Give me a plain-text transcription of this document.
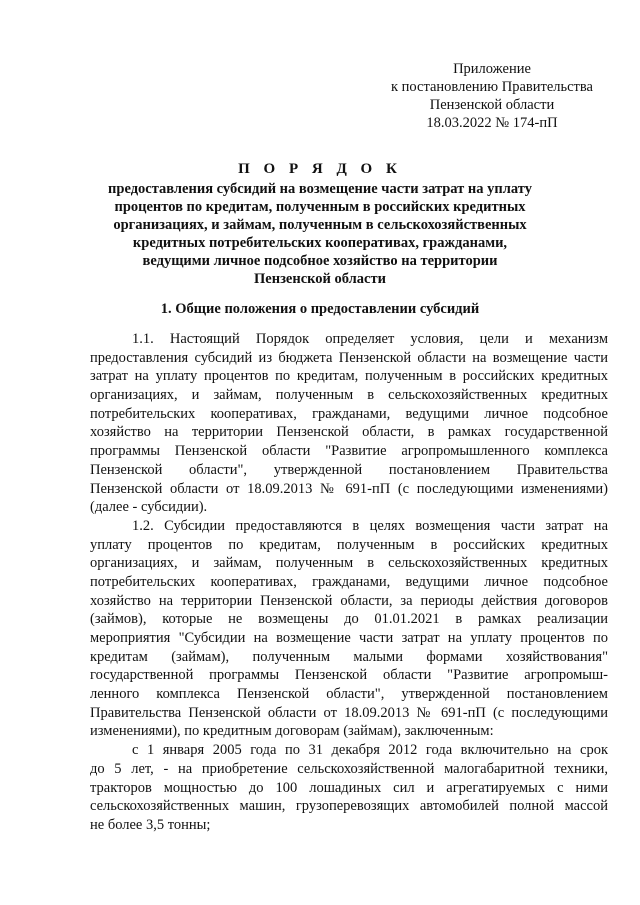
Приложение
к постановлению Правительства
Пензенской области
18.03.2022 № 174-пП
П О Р Я Д О К
предоставления субсидий на возмещение части затрат на уплату
процентов по кредитам, полученным в российских кредитных
организациях, и займам, полученным в сельскохозяйственных
кредитных потребительских кооперативах, гражданами,
ведущими личное подсобное хозяйство на территории
Пензенской области
1. Общие положения о предоставлении субсидий
1.1. Настоящий Порядок определяет условия, цели и механизм
предоставления субсидий из бюджета Пензенской области на возмещение части
затрат на уплату процентов по кредитам, полученным в российских кредитных
организациях, и займам, полученным в сельскохозяйственных кредитных
потребительских кооперативах, гражданами, ведущими личное подсобное
хозяйство на территории Пензенской области, в рамках государственной
программы Пензенской области "Развитие агропромышленного комплекса
Пензенской области", утвержденной постановлением Правительства
Пензенской области от 18.09.2013 № 691-пП (с последующими изменениями)
(далее - субсидии).
1.2. Субсидии предоставляются в целях возмещения части затрат на
уплату процентов по кредитам, полученным в российских кредитных
организациях, и займам, полученным в сельскохозяйственных кредитных
потребительских кооперативах, гражданами, ведущими личное подсобное
хозяйство на территории Пензенской области, за периоды действия договоров
(займов), которые не возмещены до 01.01.2021 в рамках реализации
мероприятия "Субсидии на возмещение части затрат на уплату процентов по
кредитам (займам), полученным малыми формами хозяйствования"
государственной программы Пензенской области "Развитие агропромыш-
ленного комплекса Пензенской области", утвержденной постановлением
Правительства Пензенской области от 18.09.2013 № 691-пП (с последующими
изменениями), по кредитным договорам (займам), заключенным:
с 1 января 2005 года по 31 декабря 2012 года включительно на срок
до 5 лет, - на приобретение сельскохозяйственной малогабаритной техники,
тракторов мощностью до 100 лошадиных сил и агрегатируемых с ними
сельскохозяйственных машин, грузоперевозящих автомобилей полной массой
не более 3,5 тонны;
